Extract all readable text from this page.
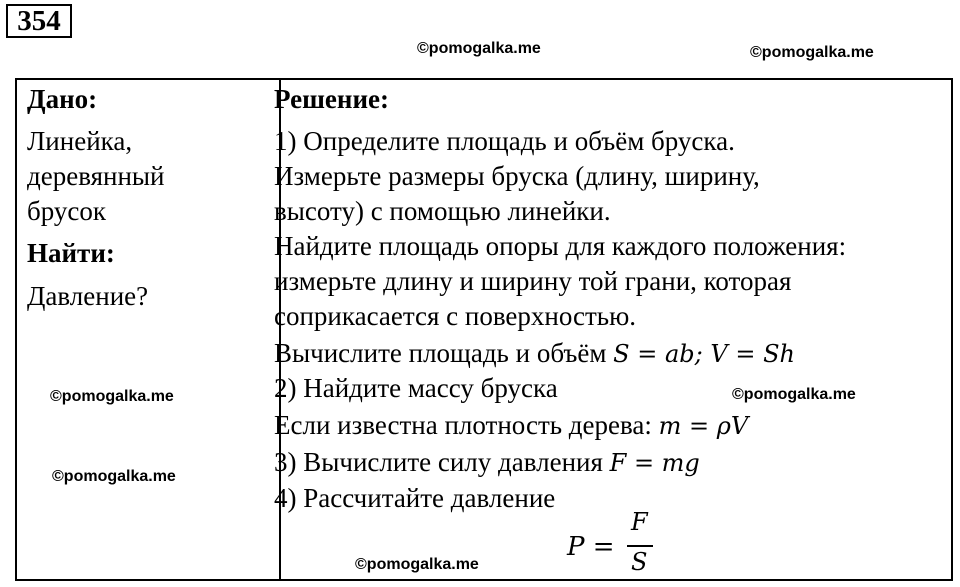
354
©pomogalka.me	©pomogalka.me
Дано:
Линейка,
деревянный
брусок
Найти:
Давление?
©pomogalka.me
©pomogalka.me
Решение:
1) Определите площадь и объём бруска.
Измерьте размеры бруска (длину, ширину,
высоту) с помощью линейки.
Найдите площадь опоры для каждого положения:
измерьте длину и ширину той грани, которая
соприкасается с поверхностью.
Вычислите площадь и объём S = ab; V = Sh
2) Найдите массу бруска	©pomogalka.me
Если известна плотность дерева: m = ρV
3) Вычислите силу давления F = mg
4) Рассчитайте давление
©pomogalka.me
P =
F
S
